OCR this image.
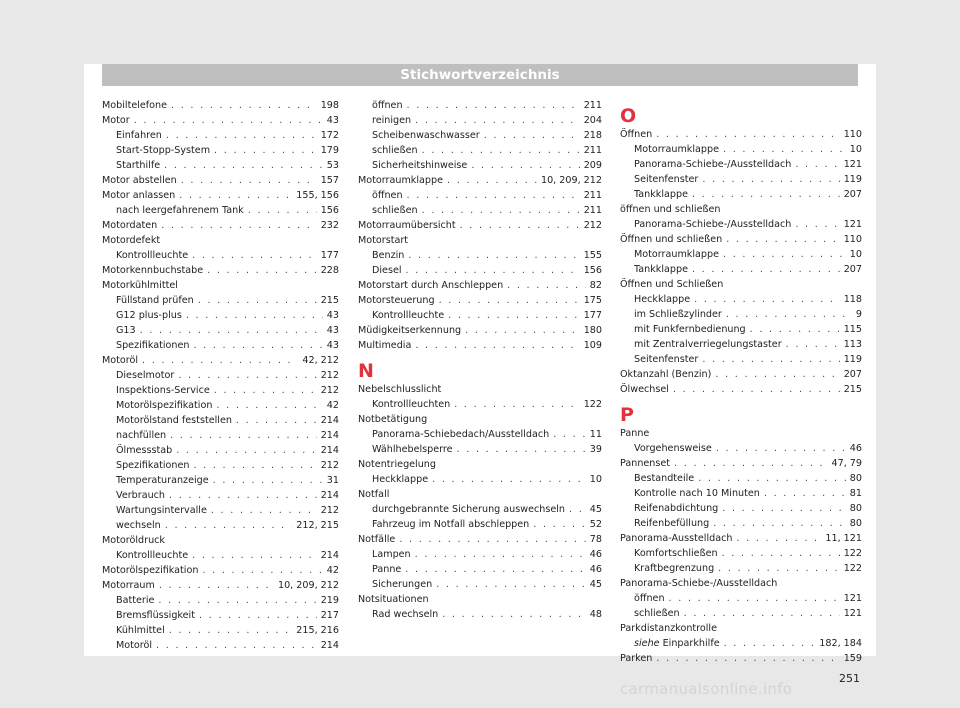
Stichwortverzeichnis
Mobiltelefone . . .	198
Motor . . .	43
Einfahren . . .	172
Start-Stopp-System . . .	179
Starthilfe . . .	53
Motor abstellen . . .	157
Motor anlassen . . .	155, 156
nach leergefahrenem Tank . . .	156
Motordaten . . .	232
Motordefekt
Kontrollleuchte . . .	177
Motorkennbuchstabe . . .	228
Motorkühlmittel
Füllstand prüfen . . .	215
G12 plus-plus . . .	43
G13 . . .	43
Spezifikationen . . .	43
Motoröl . . .	42, 212
Dieselmotor . . .	212
Inspektions-Service . . .	212
Motorölspezifikation . . .	42
Motorölstand feststellen . . .	214
nachfüllen . . .	214
Ölmessstab . . .	214
Spezifikationen . . .	212
Temperaturanzeige . . .	31
Verbrauch . . .	214
Wartungsintervalle . . .	212
wechseln . . .	212, 215
Motoröldruck
Kontrollleuchte . . .	214
Motorölspezifikation . . .	42
Motorraum . . .	10, 209, 212
Batterie . . .	219
Bremsflüssigkeit . . .	217
Kühlmittel . . .	215, 216
Motoröl . . .	214
öffnen . . .	211
reinigen . . .	204
Scheibenwaschwasser . . .	218
schließen . . .	211
Sicherheitshinweise . . .	209
Motorraumklappe . . .	10, 209, 212
öffnen . . .	211
schließen . . .	211
Motorraumübersicht . . .	212
Motorstart
Benzin . . .	155
Diesel . . .	156
Motorstart durch Anschleppen . . .	82
Motorsteuerung . . .	175
Kontrollleuchte . . .	177
Müdigkeitserkennung . . .	180
Multimedia . . .	109
N
Nebelschlusslicht
Kontrollleuchten . . .	122
Notbetätigung
Panorama-Schiebedach/Ausstelldach . . .	11
Wählhebelsperre . . .	39
Notentriegelung
Heckklappe . . .	10
Notfall
durchgebrannte Sicherung auswechseln . . .	45
Fahrzeug im Notfall abschleppen . . .	52
Notfälle . . .	78
Lampen . . .	46
Panne . . .	46
Sicherungen . . .	45
Notsituationen
Rad wechseln . . .	48
O
Öffnen . . .	110
Motorraumklappe . . .	10
Panorama-Schiebe-/Ausstelldach . . .	121
Seitenfenster . . .	119
Tankklappe . . .	207
öffnen und schließen
Panorama-Schiebe-/Ausstelldach . . .	121
Öffnen und schließen . . .	110
Motorraumklappe . . .	10
Tankklappe . . .	207
Öffnen und Schließen
Heckklappe . . .	118
im Schließzylinder . . .	9
mit Funkfernbedienung . . .	115
mit Zentralverriegelungstaster . . .	113
Seitenfenster . . .	119
Oktanzahl (Benzin) . . .	207
Ölwechsel . . .	215
P
Panne
Vorgehensweise . . .	46
Pannenset . . .	47, 79
Bestandteile . . .	80
Kontrolle nach 10 Minuten . . .	81
Reifenabdichtung . . .	80
Reifenbefüllung . . .	80
Panorama-Ausstelldach . . .	11, 121
Komfortschließen . . .	122
Kraftbegrenzung . . .	122
Panorama-Schiebe-/Ausstelldach
öffnen . . .	121
schließen . . .	121
Parkdistanzkontrolle
siehe Einparkhilfe . . .	182, 184
Parken . . .	159
251
carmanualsonline.info
